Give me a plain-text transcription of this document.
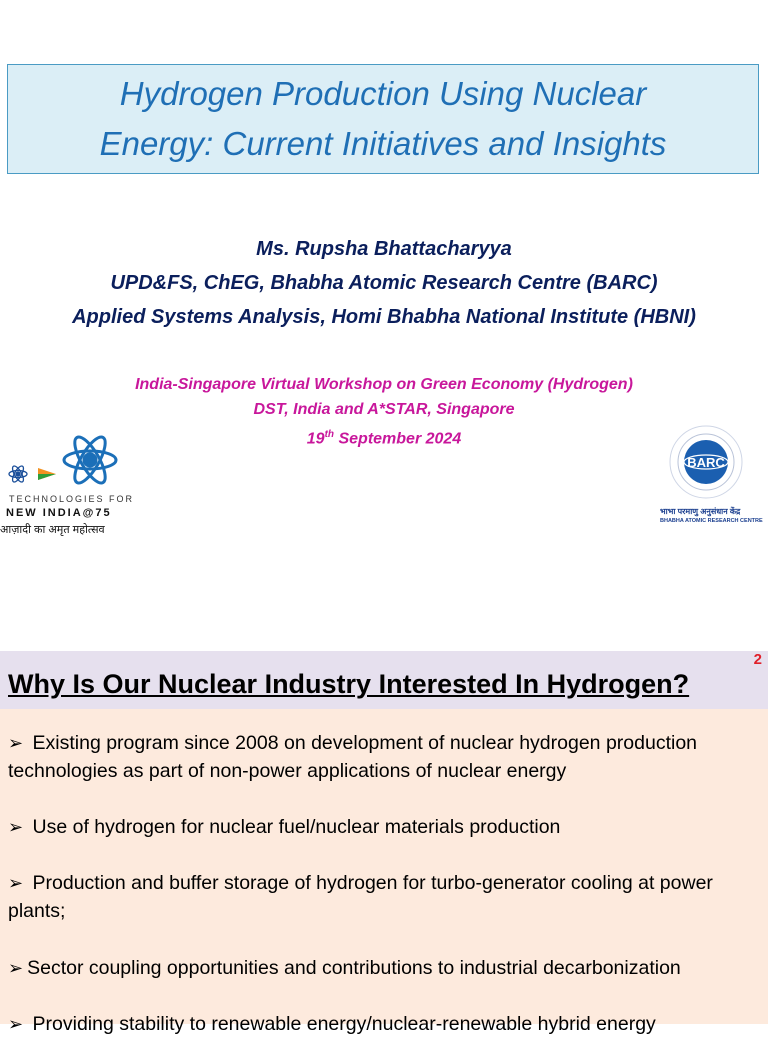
Hydrogen Production Using Nuclear
Energy: Current Initiatives and Insights
Ms. Rupsha Bhattacharyya
UPD&FS, ChEG, Bhabha Atomic Research Centre (BARC)
Applied Systems Analysis, Homi Bhabha National Institute (HBNI)
India-Singapore Virtual Workshop on Green Economy (Hydrogen)
DST, India and A*STAR, Singapore
19th September 2024
TECHNOLOGIES FOR
NEW INDIA@75
आज़ादी का अमृत महोत्सव
BARC
भाभा परमाणु अनुसंधान केंद्र
BHABHA ATOMIC RESEARCH CENTRE
2
Why Is Our Nuclear Industry Interested In Hydrogen?
➢ Existing program since 2008 on development of nuclear hydrogen production technologies as part of non-power applications of nuclear energy
➢ Use of hydrogen for nuclear fuel/nuclear materials production
➢ Production and buffer storage of hydrogen for turbo-generator cooling at power plants;
➢ Sector coupling opportunities and contributions to industrial decarbonization
➢ Providing stability to renewable energy/nuclear-renewable hybrid energy
